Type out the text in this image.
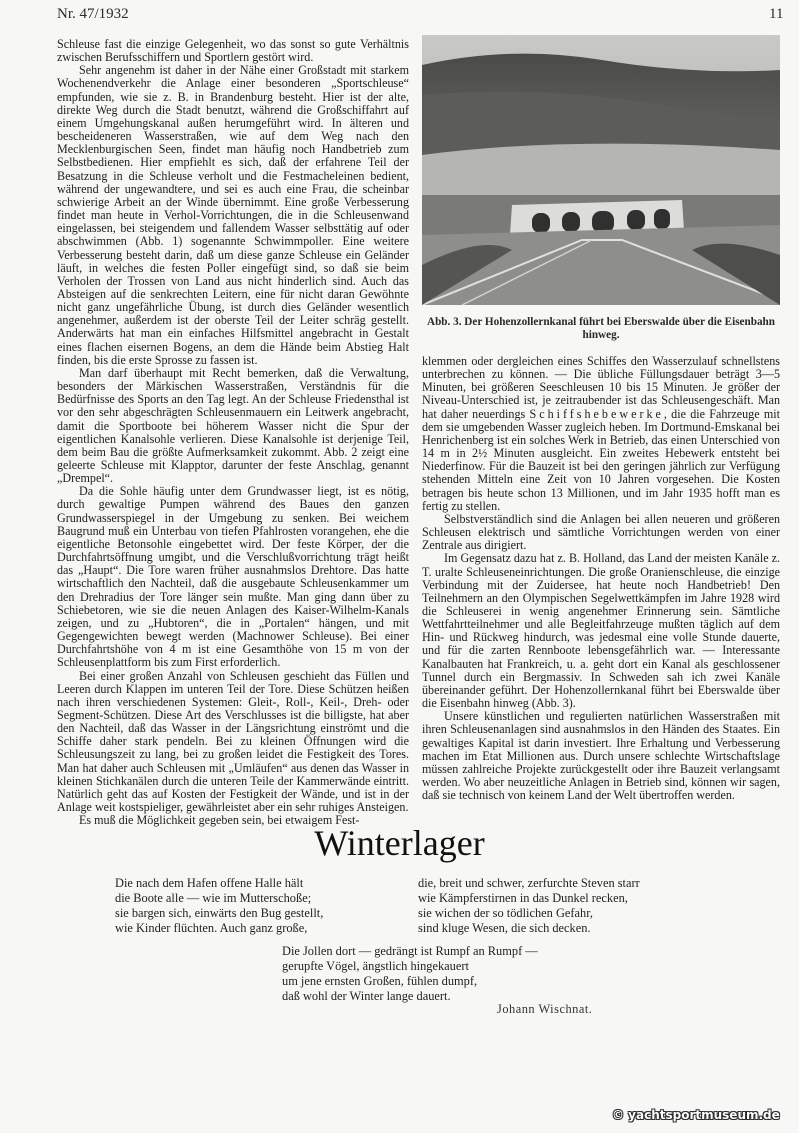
Nr. 47/1932	11

Schleuse fast die einzige Gelegenheit, wo das sonst so gute Verhältnis zwischen Berufsschiffern und Sportlern gestört wird.

Sehr angenehm ist daher in der Nähe einer Großstadt mit starkem Wochenendverkehr die Anlage einer besonderen „Sportschleuse“ empfunden, wie sie z. B. in Brandenburg besteht. Hier ist der alte, direkte Weg durch die Stadt benutzt, während die Großschiffahrt auf einem Umgehungskanal außen herumgeführt wird. In älteren und bescheideneren Wasserstraßen, wie auf dem Weg nach den Mecklenburgischen Seen, findet man häufig noch Handbetrieb zum Selbstbedienen. Hier empfiehlt es sich, daß der erfahrene Teil der Besatzung in die Schleuse verholt und die Festmacheleinen bedient, während der ungewandtere, und sei es auch eine Frau, die scheinbar schwierige Arbeit an der Winde übernimmt. Eine große Verbesserung findet man heute in Verhol-Vorrichtungen, die in die Schleusenwand eingelassen, bei steigendem und fallendem Wasser selbsttätig auf oder abschwimmen (Abb. 1) sogenannte Schwimmpoller. Eine weitere Verbesserung besteht darin, daß um diese ganze Schleuse ein Geländer läuft, in welches die festen Poller eingefügt sind, so daß sie beim Verholen der Trossen von Land aus nicht hinderlich sind. Auch das Absteigen auf die senkrechten Leitern, eine für nicht daran Gewöhnte nicht ganz ungefährliche Übung, ist durch dies Geländer wesentlich angenehmer, außerdem ist der oberste Teil der Leiter schräg gestellt. Anderwärts hat man ein einfaches Hilfsmittel angebracht in Gestalt eines flachen eisernen Bogens, an dem die Hände beim Abstieg Halt finden, bis die erste Sprosse zu fassen ist.

Man darf überhaupt mit Recht bemerken, daß die Verwaltung, besonders der Märkischen Wasserstraßen, Verständnis für die Bedürfnisse des Sports an den Tag legt. An der Schleuse Friedensthal ist vor den sehr abgeschrägten Schleusenmauern ein Leitwerk angebracht, damit die Sportboote bei höherem Wasser nicht die Spur der eigentlichen Kanalsohle verlieren. Diese Kanalsohle ist derjenige Teil, dem beim Bau die größte Aufmerksamkeit zukommt. Abb. 2 zeigt eine geleerte Schleuse mit Klapptor, darunter der feste Anschlag, genannt „Drempel“.

Da die Sohle häufig unter dem Grundwasser liegt, ist es nötig, durch gewaltige Pumpen während des Baues den ganzen Grundwasserspiegel in der Umgebung zu senken. Bei weichem Baugrund muß ein Unterbau von tiefen Pfahlrosten vorangehen, ehe die eigentliche Betonsohle eingebettet wird. Der feste Körper, der die Durchfahrtsöffnung umgibt, und die Verschlußvorrichtung trägt heißt das „Haupt“. Die Tore waren früher ausnahmslos Drehtore. Das hatte wirtschaftlich den Nachteil, daß die ausgebaute Schleusenkammer um den Drehradius der Tore länger sein mußte. Man ging dann über zu Schiebetoren, wie sie die neuen Anlagen des Kaiser-Wilhelm-Kanals zeigen, und zu „Hubtoren“, die in „Portalen“ hängen, und mit Gegengewichten bewegt werden (Machnower Schleuse). Bei einer Durchfahrtshöhe von 4 m ist eine Gesamthöhe von 15 m von der Schleusenplattform bis zum First erforderlich.

Bei einer großen Anzahl von Schleusen geschieht das Füllen und Leeren durch Klappen im unteren Teil der Tore. Diese Schützen heißen nach ihren verschiedenen Systemen: Gleit-, Roll-, Keil-, Dreh- oder Segment-Schützen. Diese Art des Verschlusses ist die billigste, hat aber den Nachteil, daß das Wasser in der Längsrichtung einströmt und die Schiffe daher stark pendeln. Bei zu kleinen Öffnungen wird die Schleusungszeit zu lang, bei zu großen leidet die Festigkeit des Tores. Man hat daher auch Schleusen mit „Umläufen“ aus denen das Wasser in kleinen Stichkanälen durch die unteren Teile der Kammerwände eintritt. Natürlich geht das auf Kosten der Festigkeit der Wände, und ist in der Anlage weit kostspieliger, gewährleistet aber ein sehr ruhiges Ansteigen.

Es muß die Möglichkeit gegeben sein, bei etwaigem Fest-

Abb. 3. Der Hohenzollernkanal führt bei Eberswalde über die Eisenbahn hinweg.

klemmen oder dergleichen eines Schiffes den Wasserzulauf schnellstens unterbrechen zu können. — Die übliche Füllungsdauer beträgt 3—5 Minuten, bei größeren Seeschleusen 10 bis 15 Minuten. Je größer der Niveau-Unterschied ist, je zeitraubender ist das Schleusengeschäft. Man hat daher neuerdings Schiffshebewerke, die die Fahrzeuge mit dem sie umgebenden Wasser zugleich heben. Im Dortmund-Emskanal bei Henrichenberg ist ein solches Werk in Betrieb, das einen Unterschied von 14 m in 2½ Minuten ausgleicht. Ein zweites Hebewerk entsteht bei Niederfinow. Für die Bauzeit ist bei den geringen jährlich zur Verfügung stehenden Mitteln eine Zeit von 10 Jahren vorgesehen. Die Kosten betragen bis heute schon 13 Millionen, und im Jahr 1935 hofft man es fertig zu stellen.

Selbstverständlich sind die Anlagen bei allen neueren und größeren Schleusen elektrisch und sämtliche Vorrichtungen werden von einer Zentrale aus dirigiert.

Im Gegensatz dazu hat z. B. Holland, das Land der meisten Kanäle z. T. uralte Schleuseneinrichtungen. Die große Oranienschleuse, die einzige Verbindung mit der Zuidersee, hat heute noch Handbetrieb! Den Teilnehmern an den Olympischen Segelwettkämpfen im Jahre 1928 wird die Schleuserei in wenig angenehmer Erinnerung sein. Sämtliche Wettfahrtteilnehmer und alle Begleitfahrzeuge mußten täglich auf dem Hin- und Rückweg hindurch, was jedesmal eine volle Stunde dauerte, und für die zarten Rennboote lebensgefährlich war. — Interessante Kanalbauten hat Frankreich, u. a. geht dort ein Kanal als geschlossener Tunnel durch ein Bergmassiv. In Schweden sah ich zwei Kanäle übereinander geführt. Der Hohenzollernkanal führt bei Eberswalde über die Eisenbahn hinweg (Abb. 3).

Unsere künstlichen und regulierten natürlichen Wasserstraßen mit ihren Schleusenanlagen sind ausnahmslos in den Händen des Staates. Ein gewaltiges Kapital ist darin investiert. Ihre Erhaltung und Verbesserung machen im Etat Millionen aus. Durch unsere schlechte Wirtschaftslage müssen zahlreiche Projekte zurückgestellt oder ihre Bauzeit verlangsamt werden. Wo aber neuzeitliche Anlagen in Betrieb sind, können wir sagen, daß sie technisch von keinem Land der Welt übertroffen werden.

Winterlager
Die nach dem Hafen offene Halle hält
die Boote alle — wie im Mutterschoße;
sie bargen sich, einwärts den Bug gestellt,
wie Kinder flüchten. Auch ganz große,
die, breit und schwer, zerfurchte Steven starr
wie Kämpferstirnen in das Dunkel recken,
sie wichen der so tödlichen Gefahr,
sind kluge Wesen, die sich decken.
Die Jollen dort — gedrängt ist Rumpf an Rumpf —
gerupfte Vögel, ängstlich hingekauert
um jene ernsten Großen, fühlen dumpf,
daß wohl der Winter lange dauert.
Johann Wischnat.
© yachtsportmuseum.de
